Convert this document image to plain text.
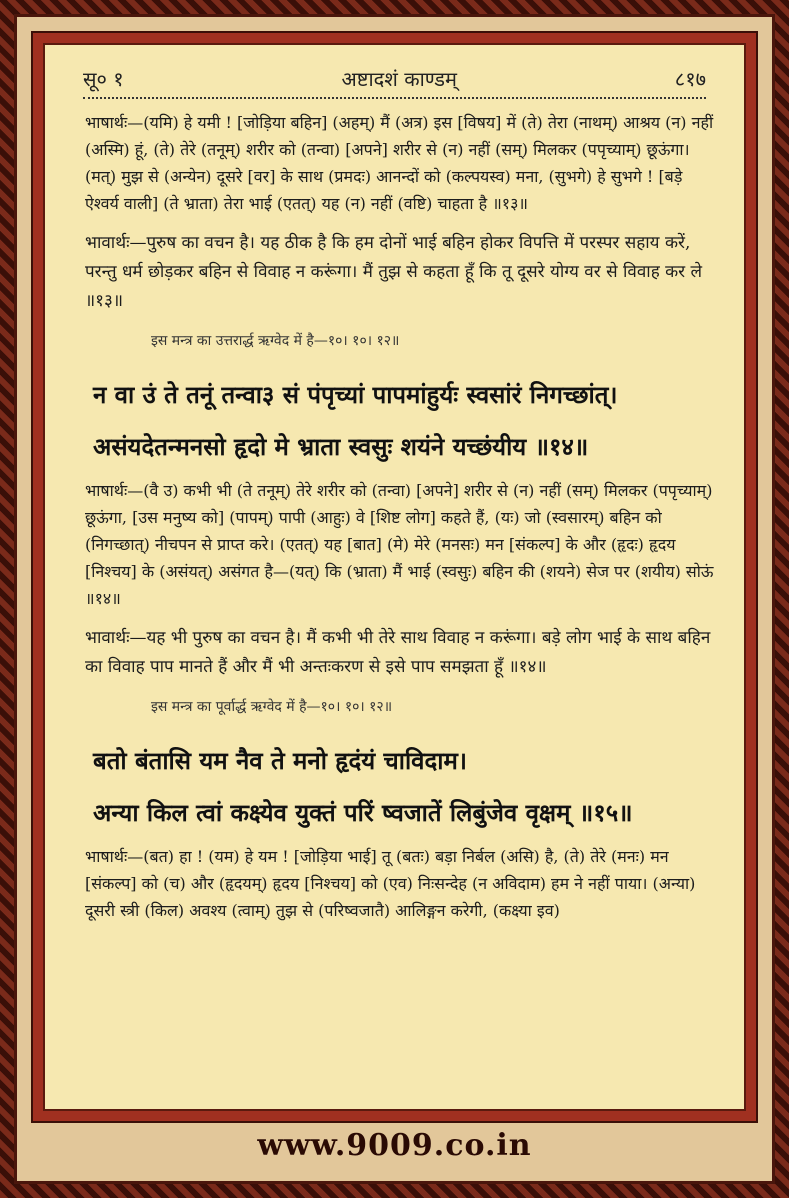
सू० १	अष्टादशं काण्डम्	८१७
भाषार्थः—(यमि) हे यमी ! [जोड़िया बहिन] (अहम्) मैं (अत्र) इस [विषय] में (ते) तेरा (नाथम्) आश्रय (न) नहीं (अस्मि) हूं, (ते) तेरे (तनूम्) शरीर को (तन्वा) [अपने] शरीर से (न) नहीं (सम्) मिलकर (पपृच्याम्) छूऊंगा। (मत्) मुझ से (अन्येन) दूसरे [वर] के साथ (प्रमदः) आनन्दों को (कल्पयस्व) मना, (सुभगे) हे सुभगे ! [बड़े ऐश्वर्य वाली] (ते भ्राता) तेरा भाई (एतत्) यह (न) नहीं (वष्टि) चाहता है ॥१३॥
भावार्थः—पुरुष का वचन है। यह ठीक है कि हम दोनों भाई बहिन होकर विपत्ति में परस्पर सहाय करें, परन्तु धर्म छोड़कर बहिन से विवाह न करूंगा। मैं तुझ से कहता हूँ कि तू दूसरे योग्य वर से विवाह कर ले ॥१३॥
इस मन्त्र का उत्तरार्द्ध ऋग्वेद में है—१०। १०। १२॥
न वा उं ते तनूं तन्वा३ सं पंपृच्यां पापमांहुर्यः स्वसांरं निगच्छांत्।
असंयदेतन्मनसो हृदो मे भ्राता स्वसुः शयंने यच्छंयीय ॥१४॥
भाषार्थः—(वै उ) कभी भी (ते तनूम्) तेरे शरीर को (तन्वा) [अपने] शरीर से (न) नहीं (सम्) मिलकर (पपृच्याम्) छूऊंगा, [उस मनुष्य को] (पापम्) पापी (आहुः) वे [शिष्ट लोग] कहते हैं, (यः) जो (स्वसारम्) बहिन को (निगच्छात्) नीचपन से प्राप्त करे। (एतत्) यह [बात] (मे) मेरे (मनसः) मन [संकल्प] के और (हृदः) हृदय [निश्चय] के (असंयत्) असंगत है—(यत्) कि (भ्राता) मैं भाई (स्वसुः) बहिन की (शयने) सेज पर (शयीय) सोऊं ॥१४॥
भावार्थः—यह भी पुरुष का वचन है। मैं कभी भी तेरे साथ विवाह न करूंगा। बड़े लोग भाई के साथ बहिन का विवाह पाप मानते हैं और मैं भी अन्तःकरण से इसे पाप समझता हूँ ॥१४॥
इस मन्त्र का पूर्वार्द्ध ऋग्वेद में है—१०। १०। १२॥
बतो बंतासि यम नैव ते मनो हृदंयं चाविदाम।
अन्या किल त्वां कक्ष्येव युक्तं परिं ष्वजातें लिबुंजेव वृक्षम् ॥१५॥
भाषार्थः—(बत) हा ! (यम) हे यम ! [जोड़िया भाई] तू (बतः) बड़ा निर्बल (असि) है, (ते) तेरे (मनः) मन [संकल्प] को (च) और (हृदयम्) हृदय [निश्चय] को (एव) निःसन्देह (न अविदाम) हम ने नहीं पाया। (अन्या) दूसरी स्त्री (किल) अवश्य (त्वाम्) तुझ से (परिष्वजातै) आलिङ्गन करेगी, (कक्ष्या इव)
www.9009.co.in
